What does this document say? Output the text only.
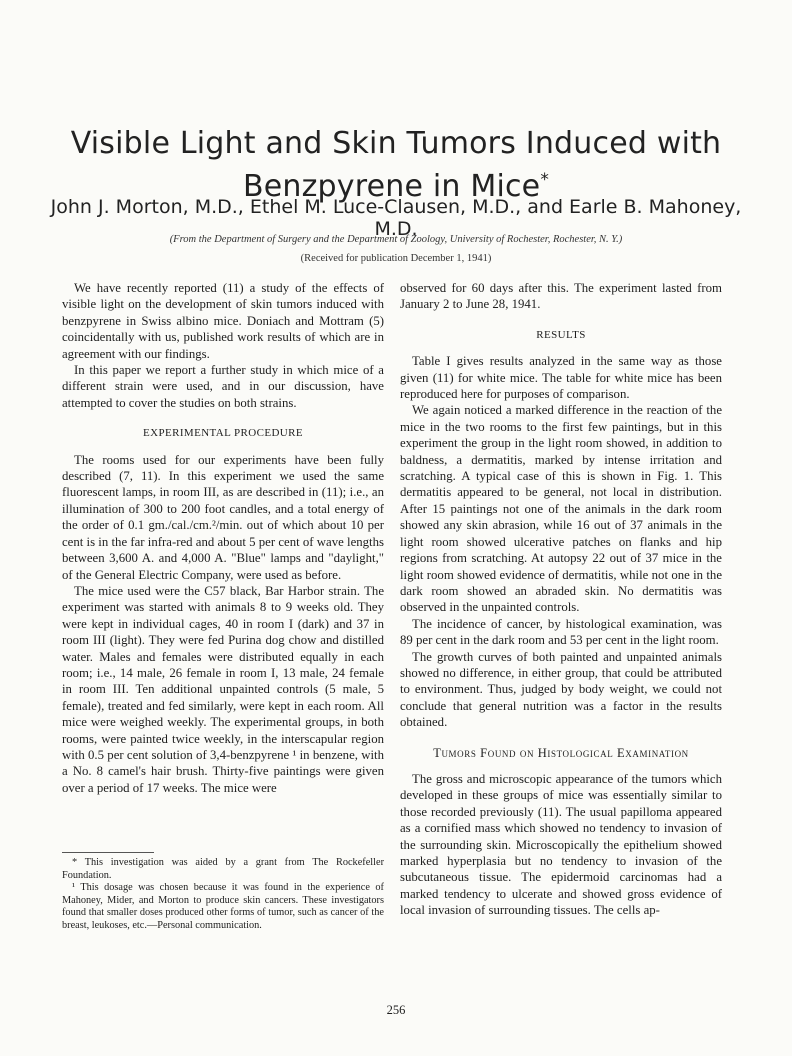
Visible Light and Skin Tumors Induced with
Benzpyrene in Mice*
John J. Morton, M.D., Ethel M. Luce-Clausen, M.D., and Earle B. Mahoney, M.D.
(From the Department of Surgery and the Department of Zoology, University of Rochester, Rochester, N. Y.)
(Received for publication December 1, 1941)

We have recently reported (11) a study of the effects of visible light on the development of skin tumors induced with benzpyrene in Swiss albino mice. Doniach and Mottram (5) coincidentally with us, published work results of which are in agreement with our findings.

In this paper we report a further study in which mice of a different strain were used, and in our discussion, have attempted to cover the studies on both strains.

EXPERIMENTAL PROCEDURE

The rooms used for our experiments have been fully described (7, 11). In this experiment we used the same fluorescent lamps, in room III, as are described in (11); i.e., an illumination of 300 to 200 foot candles, and a total energy of the order of 0.1 gm./cal./cm.²/min. out of which about 10 per cent is in the far infra-red and about 5 per cent of wave lengths between 3,600 A. and 4,000 A. "Blue" lamps and "daylight," of the General Electric Company, were used as before.

The mice used were the C57 black, Bar Harbor strain. The experiment was started with animals 8 to 9 weeks old. They were kept in individual cages, 40 in room I (dark) and 37 in room III (light). They were fed Purina dog chow and distilled water. Males and females were distributed equally in each room; i.e., 14 male, 26 female in room I, 13 male, 24 female in room III. Ten additional unpainted controls (5 male, 5 female), treated and fed similarly, were kept in each room. All mice were weighed weekly. The experimental groups, in both rooms, were painted twice weekly, in the interscapular region with 0.5 per cent solution of 3,4-benzpyrene ¹ in benzene, with a No. 8 camel's hair brush. Thirty-five paintings were given over a period of 17 weeks. The mice were

* This investigation was aided by a grant from The Rockefeller Foundation.

¹ This dosage was chosen because it was found in the experience of Mahoney, Mider, and Morton to produce skin cancers. These investigators found that smaller doses produced other forms of tumor, such as cancer of the breast, leukoses, etc.—Personal communication.

observed for 60 days after this. The experiment lasted from January 2 to June 28, 1941.

RESULTS

Table I gives results analyzed in the same way as those given (11) for white mice. The table for white mice has been reproduced here for purposes of comparison.

We again noticed a marked difference in the reaction of the mice in the two rooms to the first few paintings, but in this experiment the group in the light room showed, in addition to baldness, a dermatitis, marked by intense irritation and scratching. A typical case of this is shown in Fig. 1. This dermatitis appeared to be general, not local in distribution. After 15 paintings not one of the animals in the dark room showed any skin abrasion, while 16 out of 37 animals in the light room showed ulcerative patches on flanks and hip regions from scratching. At autopsy 22 out of 37 mice in the light room showed evidence of dermatitis, while not one in the dark room showed an abraded skin. No dermatitis was observed in the unpainted controls.

The incidence of cancer, by histological examination, was 89 per cent in the dark room and 53 per cent in the light room.

The growth curves of both painted and unpainted animals showed no difference, in either group, that could be attributed to environment. Thus, judged by body weight, we could not conclude that general nutrition was a factor in the results obtained.

Tumors Found on Histological Examination

The gross and microscopic appearance of the tumors which developed in these groups of mice was essentially similar to those recorded previously (11). The usual papilloma appeared as a cornified mass which showed no tendency to invasion of the surrounding skin. Microscopically the epithelium showed marked hyperplasia but no tendency to invasion of the subcutaneous tissue. The epidermoid carcinomas had a marked tendency to ulcerate and showed gross evidence of local invasion of surrounding tissues. The cells ap-

256
